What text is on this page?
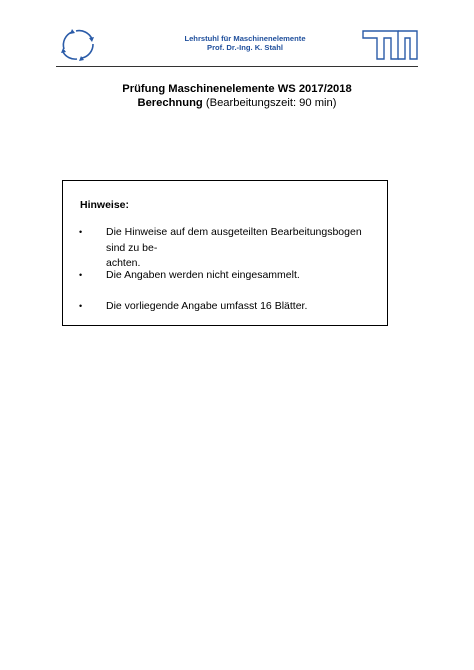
Lehrstuhl für Maschinenelemente
Prof. Dr.-Ing. K. Stahl
Prüfung Maschinenelemente WS 2017/2018
Berechnung (Bearbeitungszeit: 90 min)
Hinweise:
• Die Hinweise auf dem ausgeteilten Bearbeitungsbogen sind zu be-
achten.
• Die Angaben werden nicht eingesammelt.
• Die vorliegende Angabe umfasst 16 Blätter.
